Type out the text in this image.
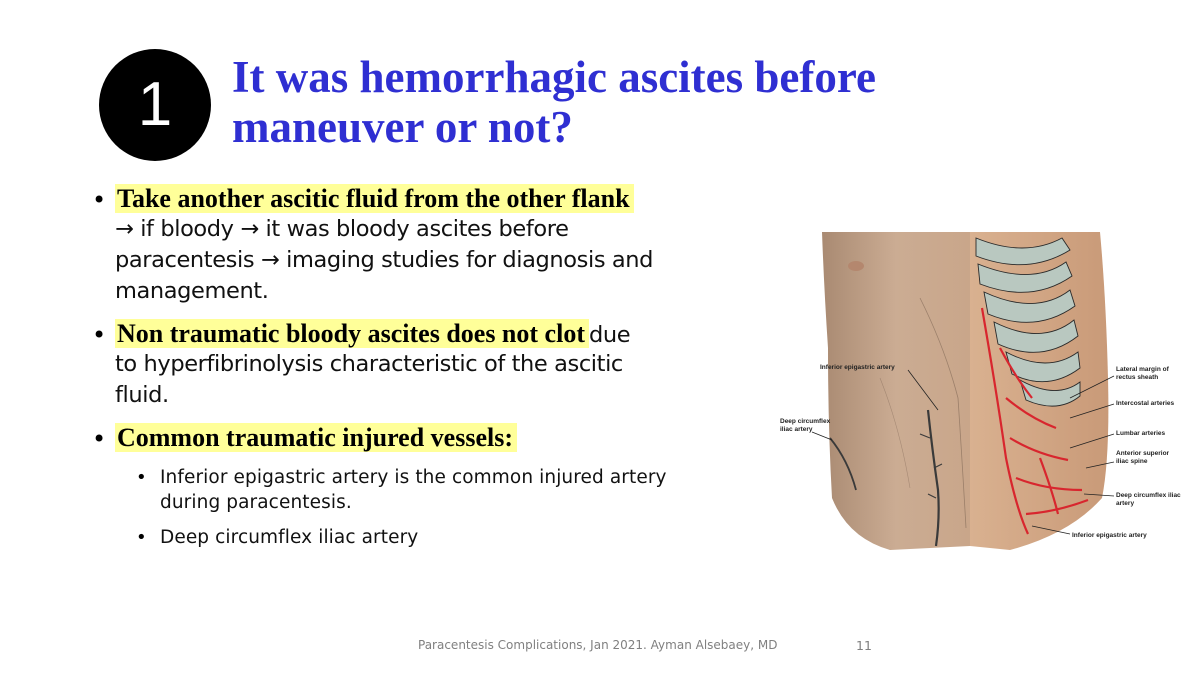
1	It was hemorrhagic ascites before
maneuver or not?
• Take another ascitic fluid from the other flank
→ if bloody → it was bloody ascites before
paracentesis → imaging studies for diagnosis and
management.
• Non traumatic bloody ascites does not clot due
to hyperfibrinolysis characteristic of the ascitic
fluid.
• Common traumatic injured vessels:
• Inferior epigastric artery is the common injured artery
during paracentesis.
• Deep circumflex iliac artery
Inferior epigastric artery
Deep circumflex
iliac artery
Lateral margin of
rectus sheath
Intercostal arteries
Lumbar arteries
Anterior superior
iliac spine
Deep circumflex iliac
artery
Inferior epigastric artery
Paracentesis Complications, Jan 2021. Ayman Alsebaey, MD	11
